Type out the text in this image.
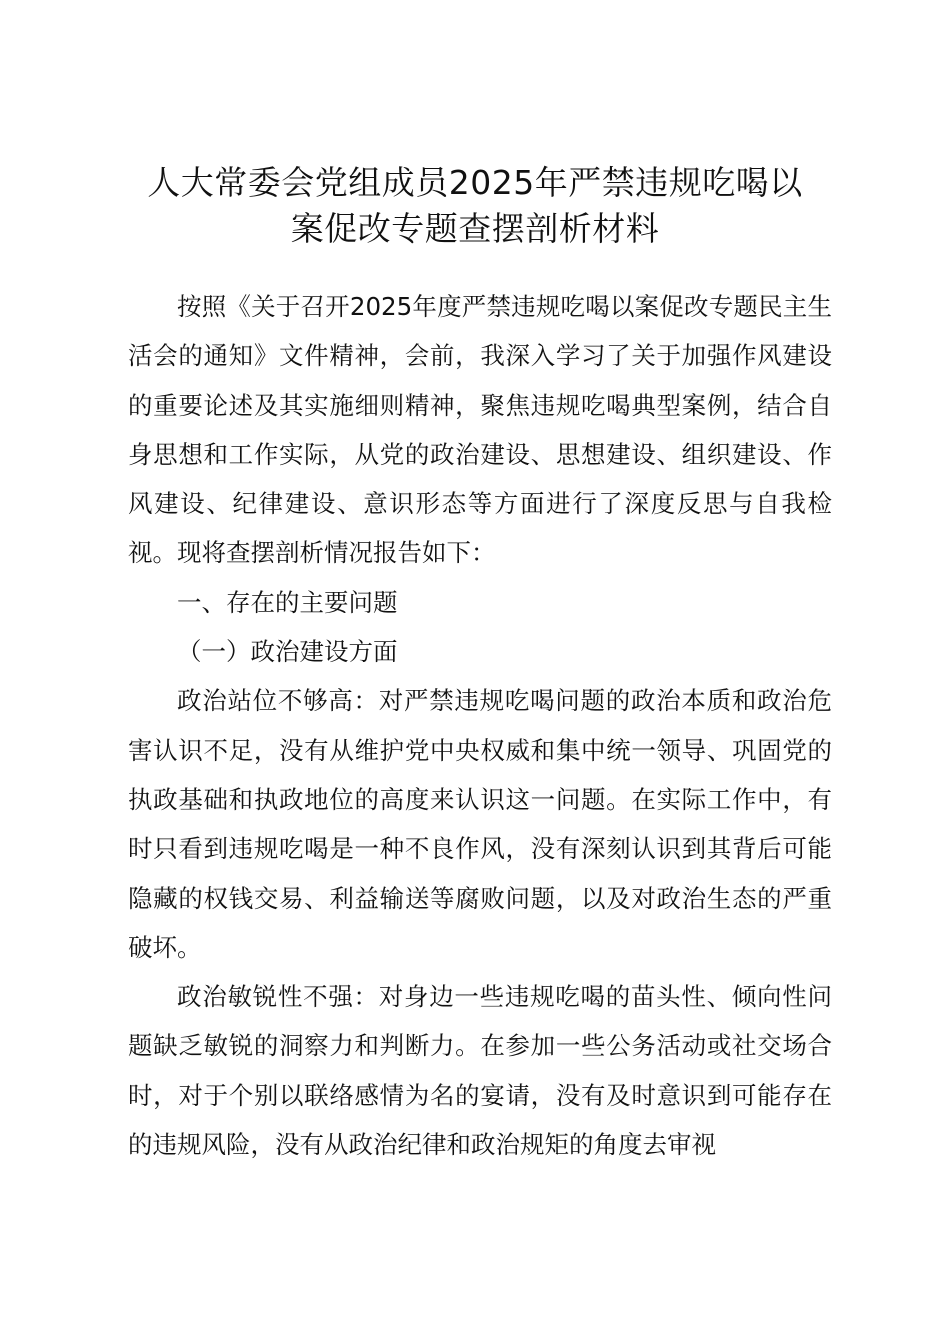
人大常委会党组成员2025年严禁违规吃喝以
案促改专题查摆剖析材料

按照《关于召开2025年度严禁违规吃喝以案促改专题民主生活会的通知》文件精神，会前，我深入学习了关于加强作风建设的重要论述及其实施细则精神，聚焦违规吃喝典型案例，结合自身思想和工作实际，从党的政治建设、思想建设、组织建设、作风建设、纪律建设、意识形态等方面进行了深度反思与自我检视。现将查摆剖析情况报告如下：

一、存在的主要问题

（一）政治建设方面

政治站位不够高：对严禁违规吃喝问题的政治本质和政治危害认识不足，没有从维护党中央权威和集中统一领导、巩固党的执政基础和执政地位的高度来认识这一问题。在实际工作中，有时只看到违规吃喝是一种不良作风，没有深刻认识到其背后可能隐藏的权钱交易、利益输送等腐败问题，以及对政治生态的严重破坏。

政治敏锐性不强：对身边一些违规吃喝的苗头性、倾向性问题缺乏敏锐的洞察力和判断力。在参加一些公务活动或社交场合时，对于个别以联络感情为名的宴请，没有及时意识到可能存在的违规风险，没有从政治纪律和政治规矩的角度去审视
